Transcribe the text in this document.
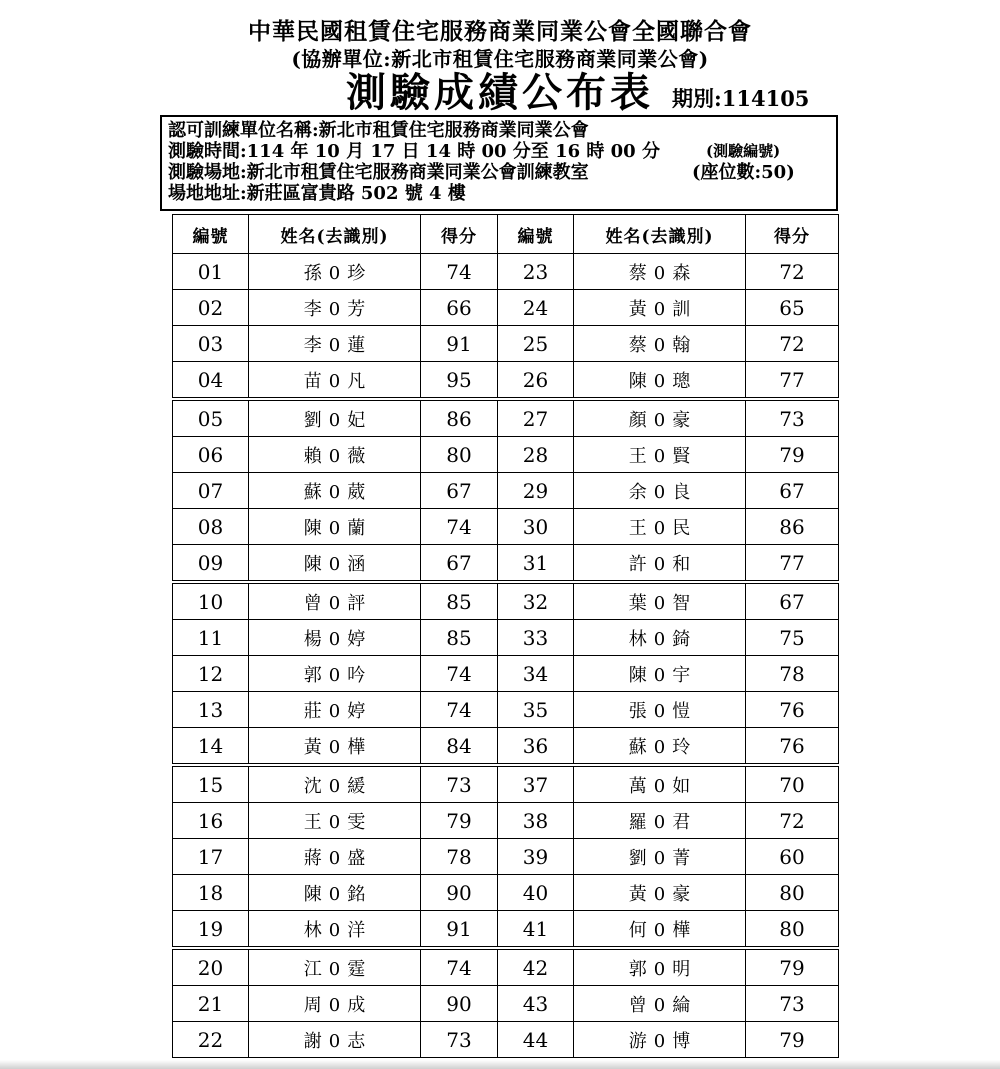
中華民國租賃住宅服務商業同業公會全國聯合會
(協辦單位:新北市租賃住宅服務商業同業公會)
測驗成績公布表 期別:114105
認可訓練單位名稱:新北市租賃住宅服務商業同業公會
測驗時間:114 年 10 月 17 日 14 時 00 分至 16 時 00 分	(測驗編號)
測驗場地:新北市租賃住宅服務商業同業公會訓練教室	(座位數:50)
場地地址:新莊區富貴路 502 號 4 樓
編號	姓名(去識別)	得分	編號	姓名(去識別)	得分
01	孫0珍	74	23	蔡0森	72
02	李0芳	66	24	黃0訓	65
03	李0蓮	91	25	蔡0翰	72
04	苗0凡	95	26	陳0璁	77
05	劉0妃	86	27	顏0豪	73
06	賴0薇	80	28	王0賢	79
07	蘇0葳	67	29	余0良	67
08	陳0蘭	74	30	王0民	86
09	陳0涵	67	31	許0和	77
10	曾0評	85	32	葉0智	67
11	楊0婷	85	33	林0錡	75
12	郭0吟	74	34	陳0宇	78
13	莊0婷	74	35	張0愷	76
14	黃0樺	84	36	蘇0玲	76
15	沈0緩	73	37	萬0如	70
16	王0雯	79	38	羅0君	72
17	蔣0盛	78	39	劉0菁	60
18	陳0銘	90	40	黃0豪	80
19	林0洋	91	41	何0樺	80
20	江0霆	74	42	郭0明	79
21	周0成	90	43	曾0綸	73
22	謝0志	73	44	游0博	79
